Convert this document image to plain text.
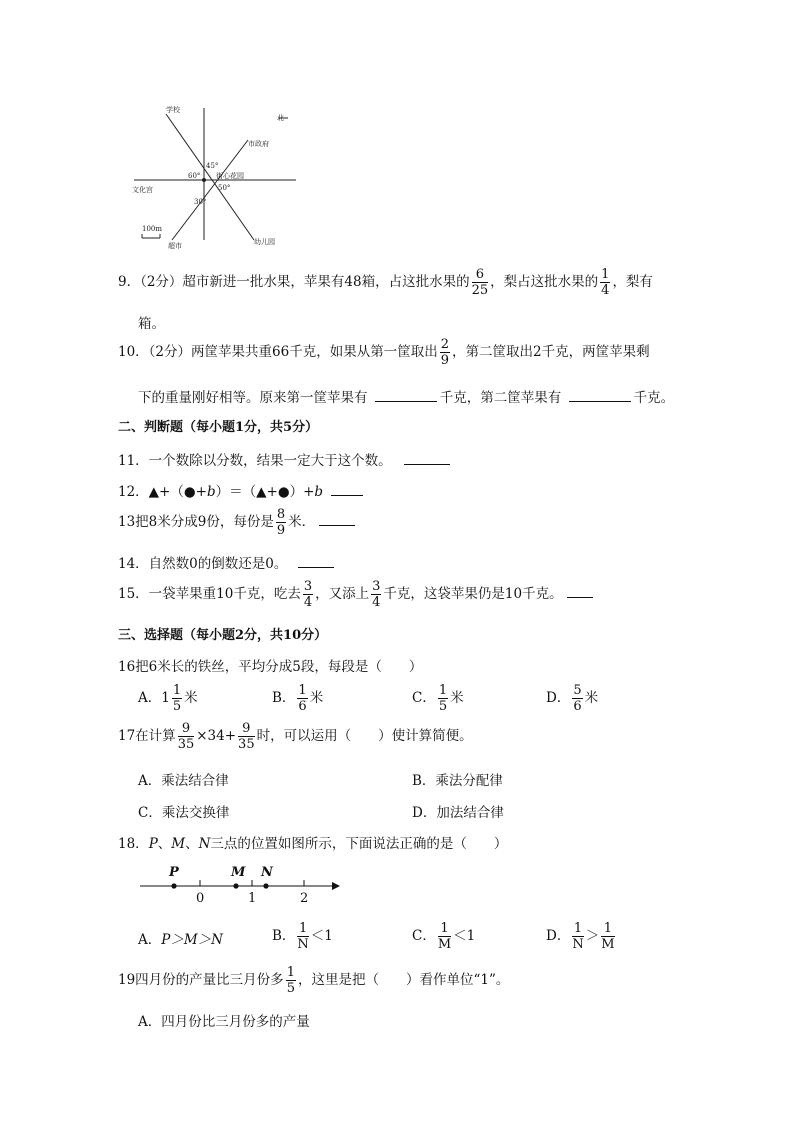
北
学校
市政府
街心花园
文化宫
超市	幼儿园
100m
45°
60°
50°
30°
9．（2分）超市新进一批水果，苹果有48箱，占这批水果的 $\frac{6}{25}$ ，梨占这批水果的 $\frac{1}{4}$ ，梨有
箱。
10．（2分）两筐苹果共重66千克，如果从第一筐取出 $\frac{2}{9}$ ，第二筐取出2千克，两筐苹果剩
下的重量刚好相等。原来第一筐苹果有	千克，第二筐苹果有	千克。
二、判断题（每小题1分，共5分）
11．一个数除以分数，结果一定大于这个数。
12．▲+（●+b）＝（▲+●）+b
13把8米分成9份，每份是 $\frac{8}{9}$ 米．
14．自然数0的倒数还是0。
15．一袋苹果重10千克，吃去 $\frac{3}{4}$ ，又添上 $\frac{3}{4}$ 千克，这袋苹果仍是10千克。
三、选择题（每小题2分，共10分）
16把6米长的铁丝，平均分成5段，每段是（　　）
A．$1 \frac{1}{5}$ 米	B． $\frac{1}{6}$ 米	C． $\frac{1}{5}$ 米	D． $\frac{5}{6}$ 米
17在计算 $\frac{9}{35} \times 34+ \frac{9}{35}$ 时，可以运用（　　）使计算简便。
A．乘法结合律	B．乘法分配律
C．乘法交换律	D．加法结合律
18．P、M、N三点的位置如图所示，下面说法正确的是（　　）
P	M N
0	1	2
A．P＞M＞N	B． $\frac{1}{N} <1$	C． $\frac{1}{M} <1$	D． $\frac{1}{N} > \frac{1}{M}$
19四月份的产量比三月份多 $\frac{1}{5}$ ，这里是把（　　）看作单位“1”。
A．四月份比三月份多的产量
